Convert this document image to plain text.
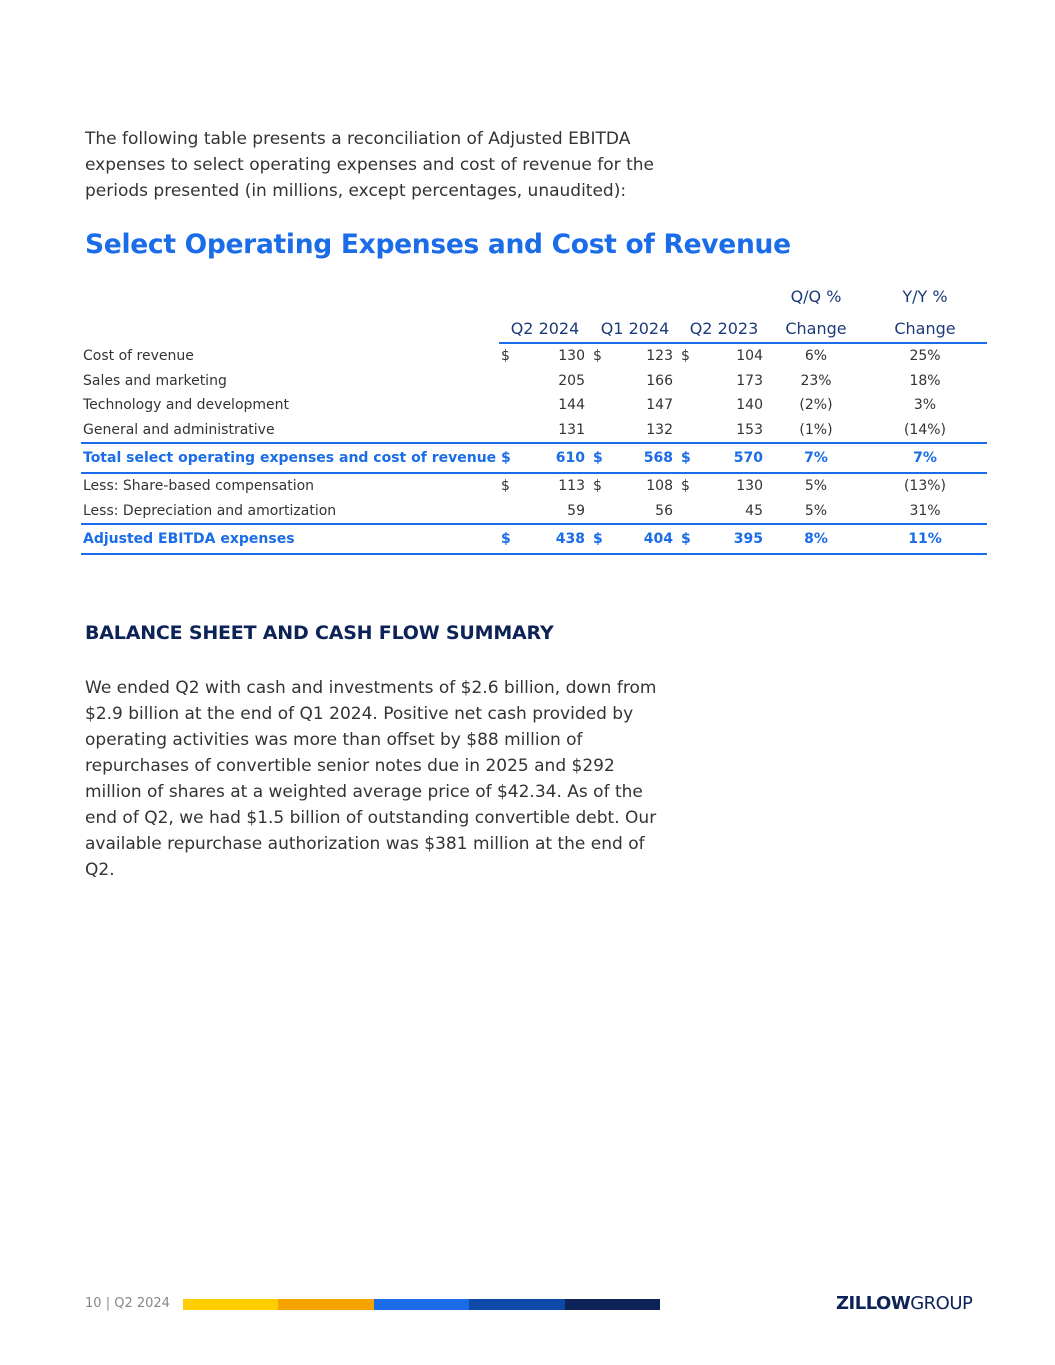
The following table presents a reconciliation of Adjusted EBITDA expenses to select operating expenses and cost of revenue for the periods presented (in millions, except percentages, unaudited):

Select Operating Expenses and Cost of Revenue
							Q/Q %	Y/Y %
	Q2 2024		Q1 2024		Q2 2023		Change	Change
Cost of revenue	$	130	$	123	$	104	6%	25%
Sales and marketing		205		166		173	23%	18%
Technology and development		144		147		140	(2%)	3%
General and administrative		131		132		153	(1%)	(14%)
Total select operating expenses and cost of revenue	$	610	$	568	$	570	7%	7%
Less: Share-based compensation	$	113	$	108	$	130	5%	(13%)
Less: Depreciation and amortization		59		56		45	5%	31%
Adjusted EBITDA expenses	$	438	$	404	$	395	8%	11%
BALANCE SHEET AND CASH FLOW SUMMARY

We ended Q2 with cash and investments of $2.6 billion, down from $2.9 billion at the end of Q1 2024. Positive net cash provided by operating activities was more than offset by $88 million of repurchases of convertible senior notes due in 2025 and $292 million of shares at a weighted average price of $42.34. As of the end of Q2, we had $1.5 billion of outstanding convertible debt. Our available repurchase authorization was $381 million at the end of Q2.

10 | Q2 2024	ZILLOWGROUP
